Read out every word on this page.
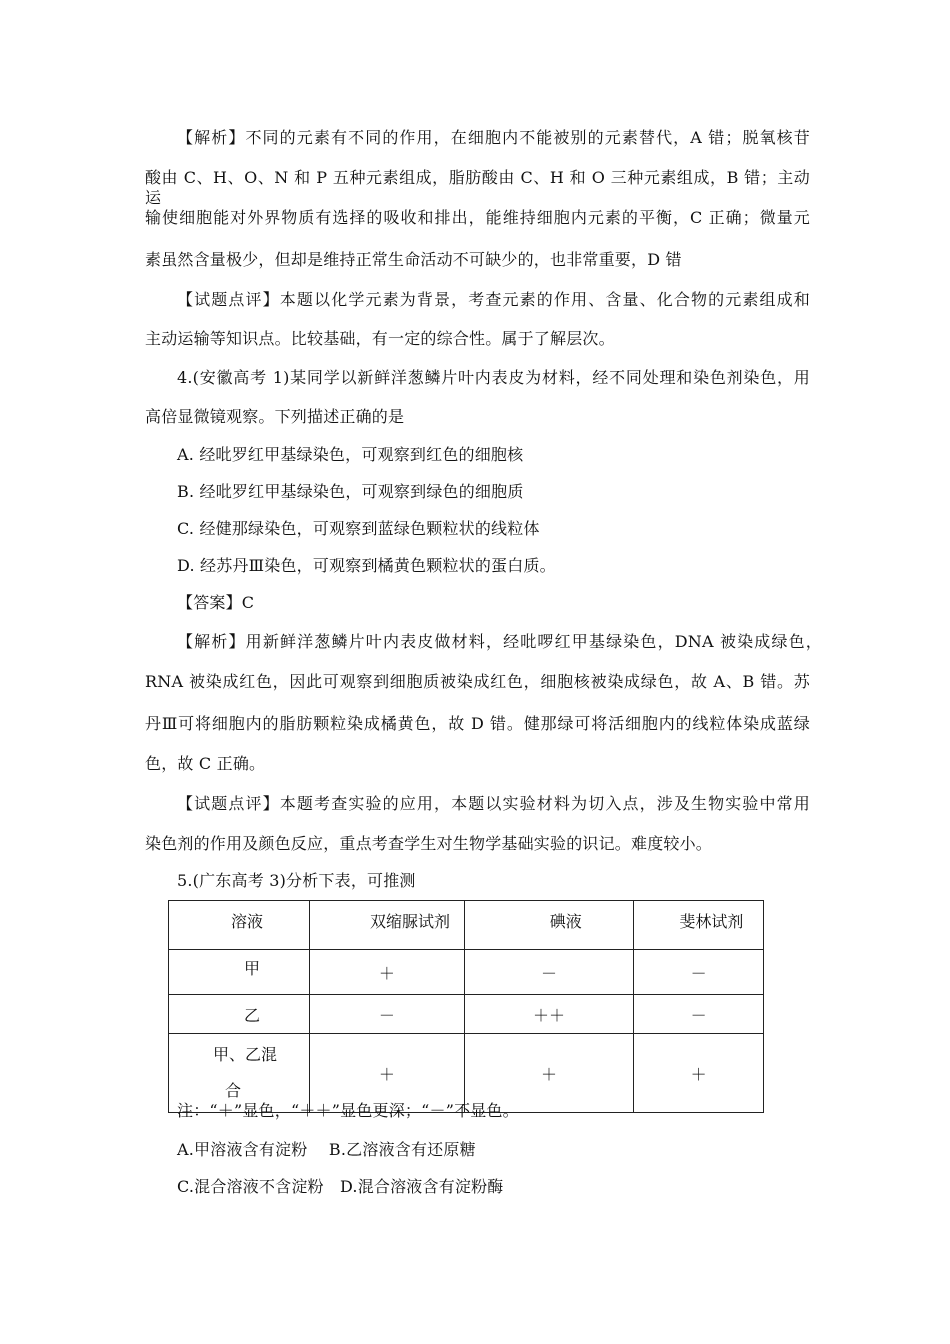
【解析】不同的元素有不同的作用，在细胞内不能被别的元素替代，A 错；脱氧核苷
酸由 C、H、O、N 和 P 五种元素组成，脂肪酸由 C、H 和 O 三种元素组成，B 错；主动运
输使细胞能对外界物质有选择的吸收和排出，能维持细胞内元素的平衡，C 正确；微量元
素虽然含量极少，但却是维持正常生命活动不可缺少的，也非常重要，D 错
【试题点评】本题以化学元素为背景，考查元素的作用、含量、化合物的元素组成和
主动运输等知识点。比较基础，有一定的综合性。属于了解层次。
4.(安徽高考 1)某同学以新鲜洋葱鳞片叶内表皮为材料，经不同处理和染色剂染色，用
高倍显微镜观察。下列描述正确的是
A. 经吡罗红甲基绿染色，可观察到红色的细胞核
B. 经吡罗红甲基绿染色，可观察到绿色的细胞质
C. 经健那绿染色，可观察到蓝绿色颗粒状的线粒体
D. 经苏丹Ⅲ染色，可观察到橘黄色颗粒状的蛋白质。
【答案】C
【解析】用新鲜洋葱鳞片叶内表皮做材料，经吡啰红甲基绿染色，DNA 被染成绿色，
RNA 被染成红色，因此可观察到细胞质被染成红色，细胞核被染成绿色，故 A、B 错。苏
丹Ⅲ可将细胞内的脂肪颗粒染成橘黄色，故 D 错。健那绿可将活细胞内的线粒体染成蓝绿
色，故 C 正确。
【试题点评】本题考查实验的应用，本题以实验材料为切入点，涉及生物实验中常用
染色剂的作用及颜色反应，重点考查学生对生物学基础实验的识记。难度较小。
5.(广东高考 3)分析下表，可推测
溶液	双缩脲试剂	碘液	斐林试剂
甲	＋	－	－
乙	－	＋＋	－
甲、乙混
合	＋	＋	＋
注：“＋”显色，“＋＋”显色更深；“－”不显色。
A.甲溶液含有淀粉　 B.乙溶液含有还原糖
C.混合溶液不含淀粉　D.混合溶液含有淀粉酶
